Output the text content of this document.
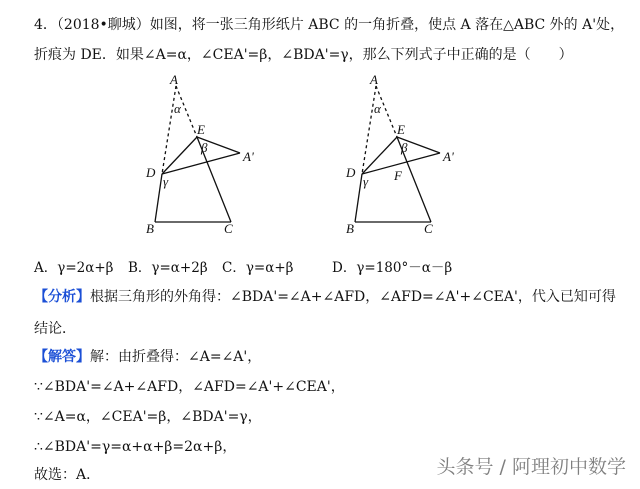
4．（2018•聊城）如图，将一张三角形纸片 ABC 的一角折叠，使点 A 落在△ABC 外的 A'处，
折痕为 DE．如果∠A=α，∠CEA'=β，∠BDA'=γ，那么下列式子中正确的是（　　）
A
α
E
β
A'
D
γ
B	C
A
α
E
β
A'
D
γ F
B	C
A．γ=2α+β B．γ=α+2β C．γ=α+β	D．γ=180°－α－β
【分析】根据三角形的外角得：∠BDA'=∠A+∠AFD，∠AFD=∠A'+∠CEA'，代入已知可得
结论．
【解答】解：由折叠得：∠A=∠A'，
∵∠BDA'=∠A+∠AFD，∠AFD=∠A'+∠CEA'，
∵∠A=α，∠CEA'=β，∠BDA'=γ，
∴∠BDA'=γ=α+α+β=2α+β，
故选：A．	头条号 / 阿理初中数学
